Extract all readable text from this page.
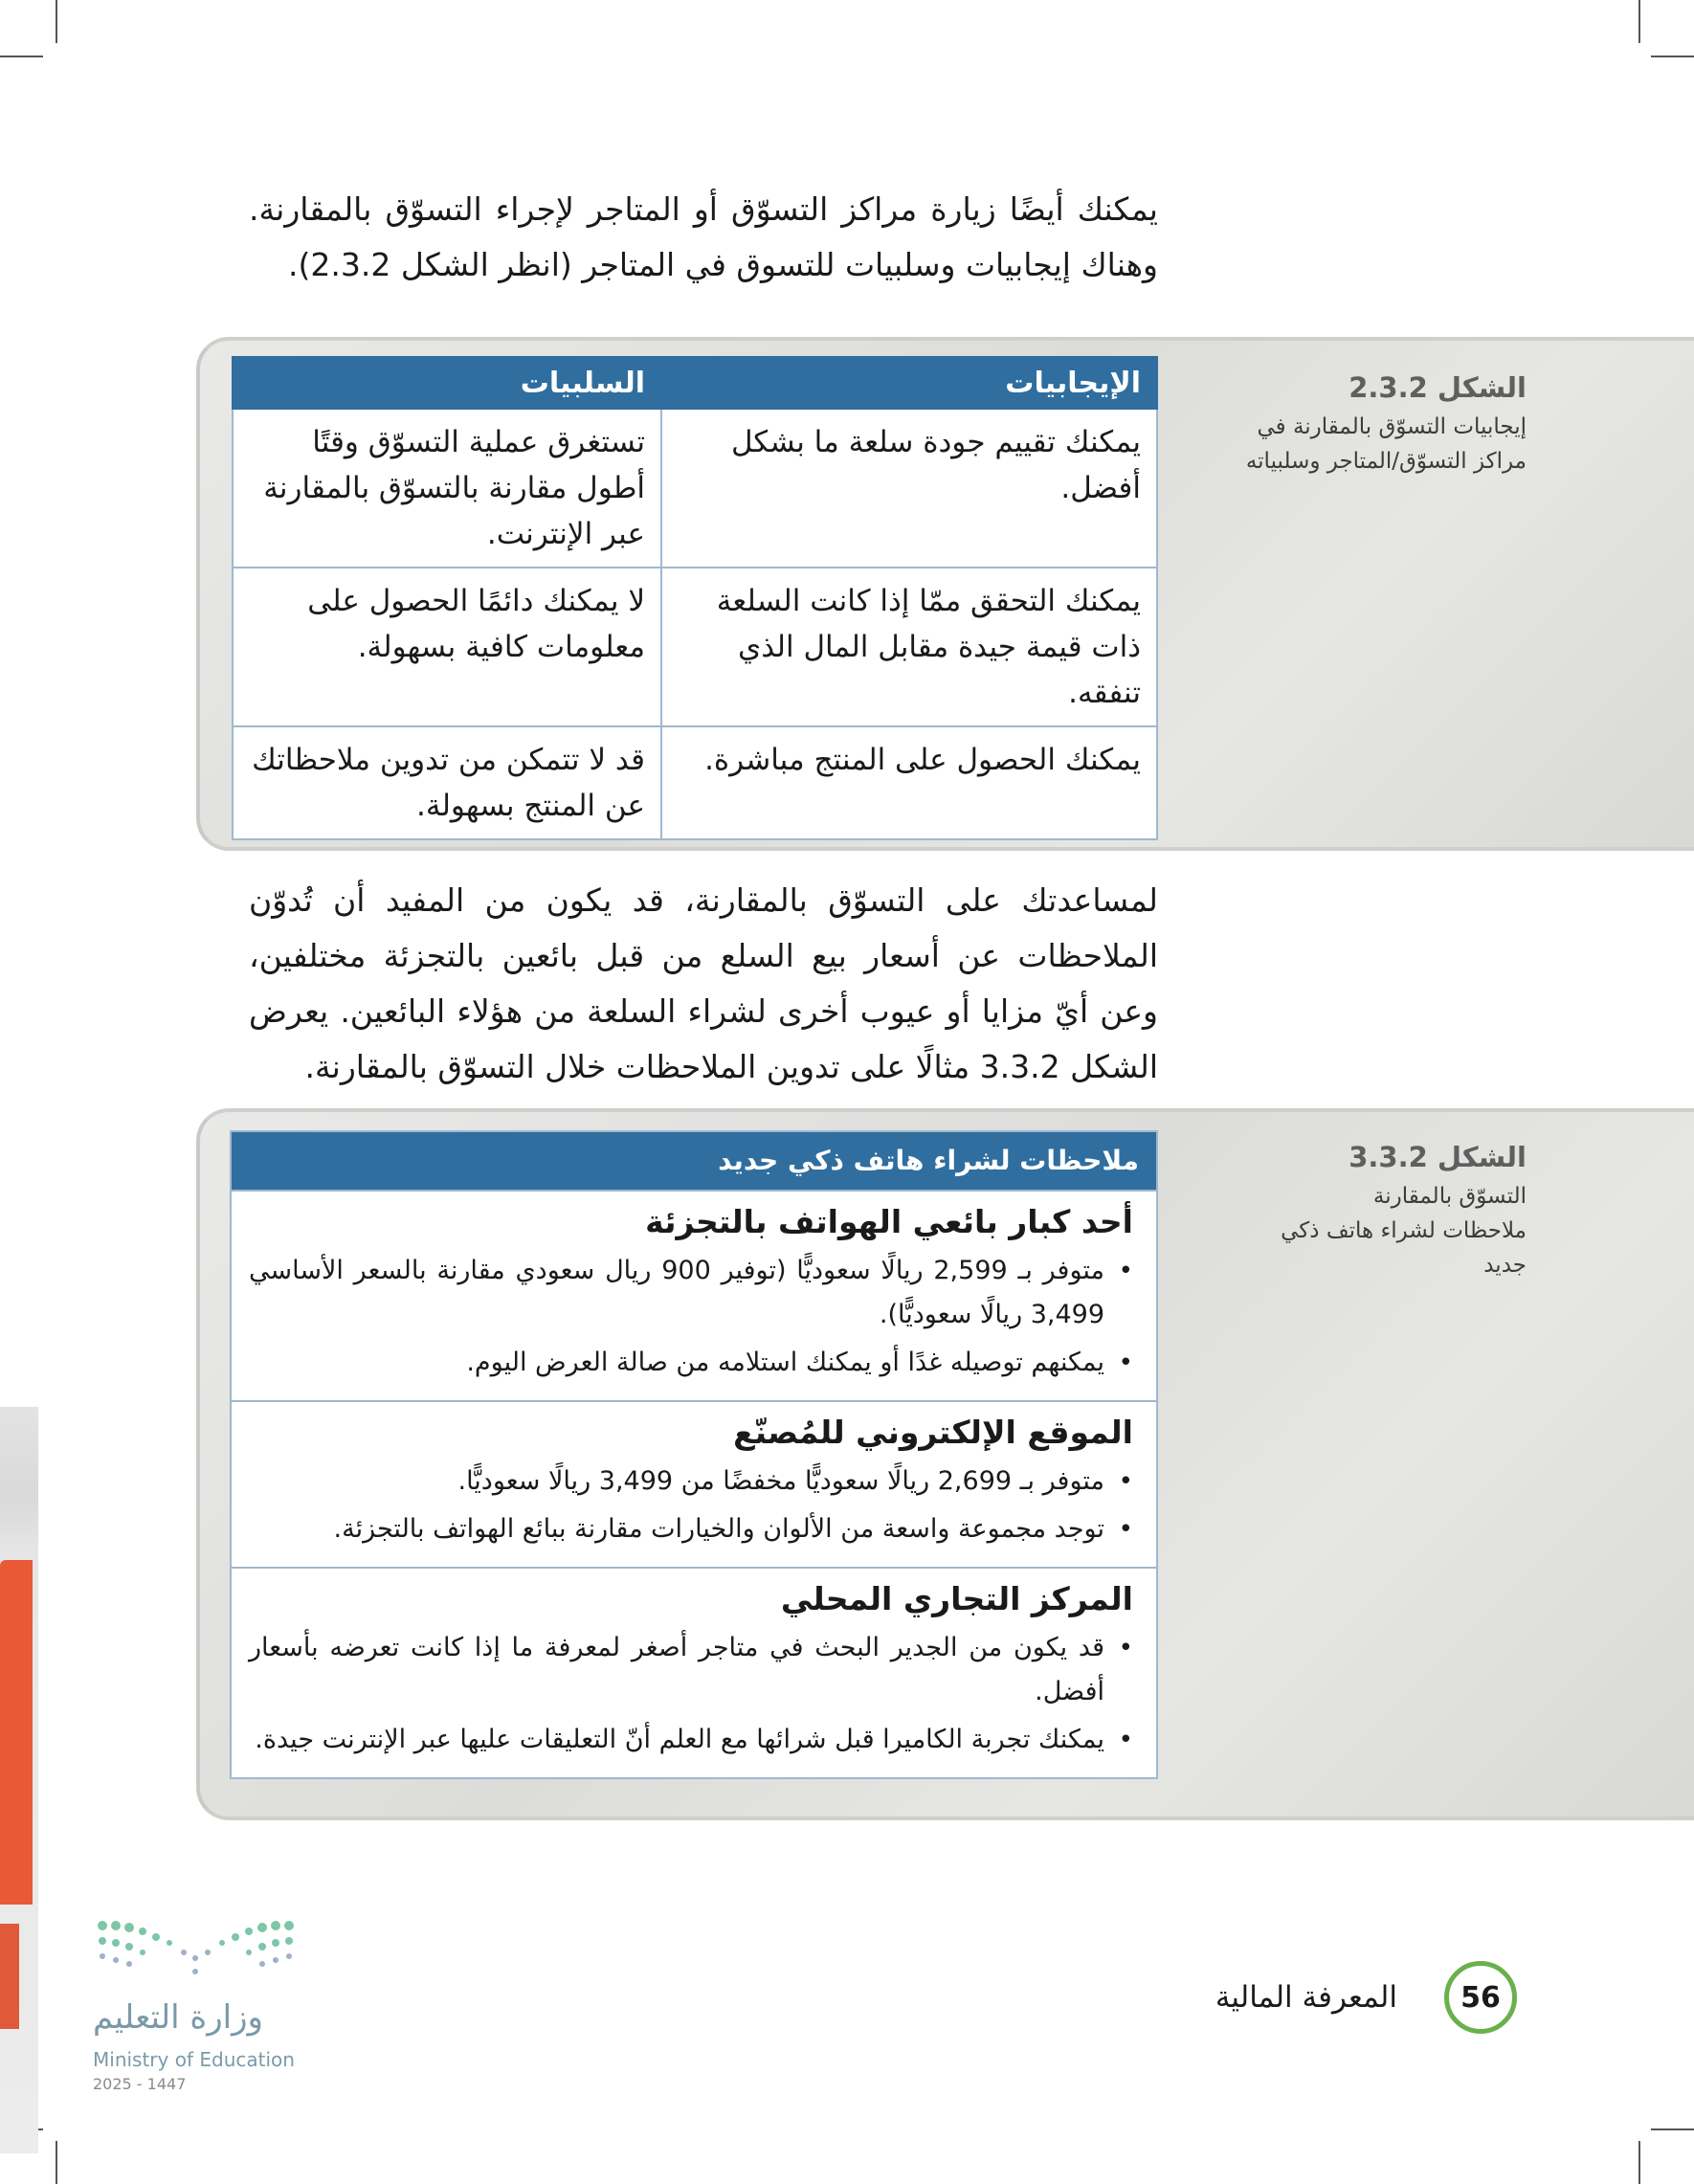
يمكنك أيضًا زيارة مراكز التسوّق أو المتاجر لإجراء التسوّق بالمقارنة. وهناك إيجابيات وسلبيات للتسوق في المتاجر (انظر الشكل 2.3.2).

الشكل 2.3.2
إيجابيات التسوّق بالمقارنة في مراكز التسوّق/المتاجر وسلبياته
الإيجابيات	السلبيات
يمكنك تقييم جودة سلعة ما بشكل أفضل.	تستغرق عملية التسوّق وقتًا أطول مقارنة بالتسوّق بالمقارنة عبر الإنترنت.
يمكنك التحقق ممّا إذا كانت السلعة ذات قيمة جيدة مقابل المال الذي تنفقه.	لا يمكنك دائمًا الحصول على معلومات كافية بسهولة.
يمكنك الحصول على المنتج مباشرة.	قد لا تتمكن من تدوين ملاحظاتك عن المنتج بسهولة.

لمساعدتك على التسوّق بالمقارنة، قد يكون من المفيد أن تُدوّن الملاحظات عن أسعار بيع السلع من قبل بائعين بالتجزئة مختلفين، وعن أيّ مزايا أو عيوب أخرى لشراء السلعة من هؤلاء البائعين. يعرض الشكل 3.3.2 مثالًا على تدوين الملاحظات خلال التسوّق بالمقارنة.

الشكل 3.3.2
التسوّق بالمقارنة
ملاحظات لشراء هاتف ذكي جديد
ملاحظات لشراء هاتف ذكي جديد
أحد كبار بائعي الهواتف بالتجزئة
• متوفر بـ 2,599 ريالًا سعوديًّا (توفير 900 ريال سعودي مقارنة بالسعر الأساسي 3,499 ريالًا سعوديًّا).
• يمكنهم توصيله غدًا أو يمكنك استلامه من صالة العرض اليوم.
الموقع الإلكتروني للمُصنّع
• متوفر بـ 2,699 ريالًا سعوديًّا مخفضًا من 3,499 ريالًا سعوديًّا.
• توجد مجموعة واسعة من الألوان والخيارات مقارنة ببائع الهواتف بالتجزئة.
المركز التجاري المحلي
• قد يكون من الجدير البحث في متاجر أصغر لمعرفة ما إذا كانت تعرضه بأسعار أفضل.
• يمكنك تجربة الكاميرا قبل شرائها مع العلم أنّ التعليقات عليها عبر الإنترنت جيدة.
وزارة التعليم
Ministry of Education
2025 - 1447
المعرفة المالية	56
